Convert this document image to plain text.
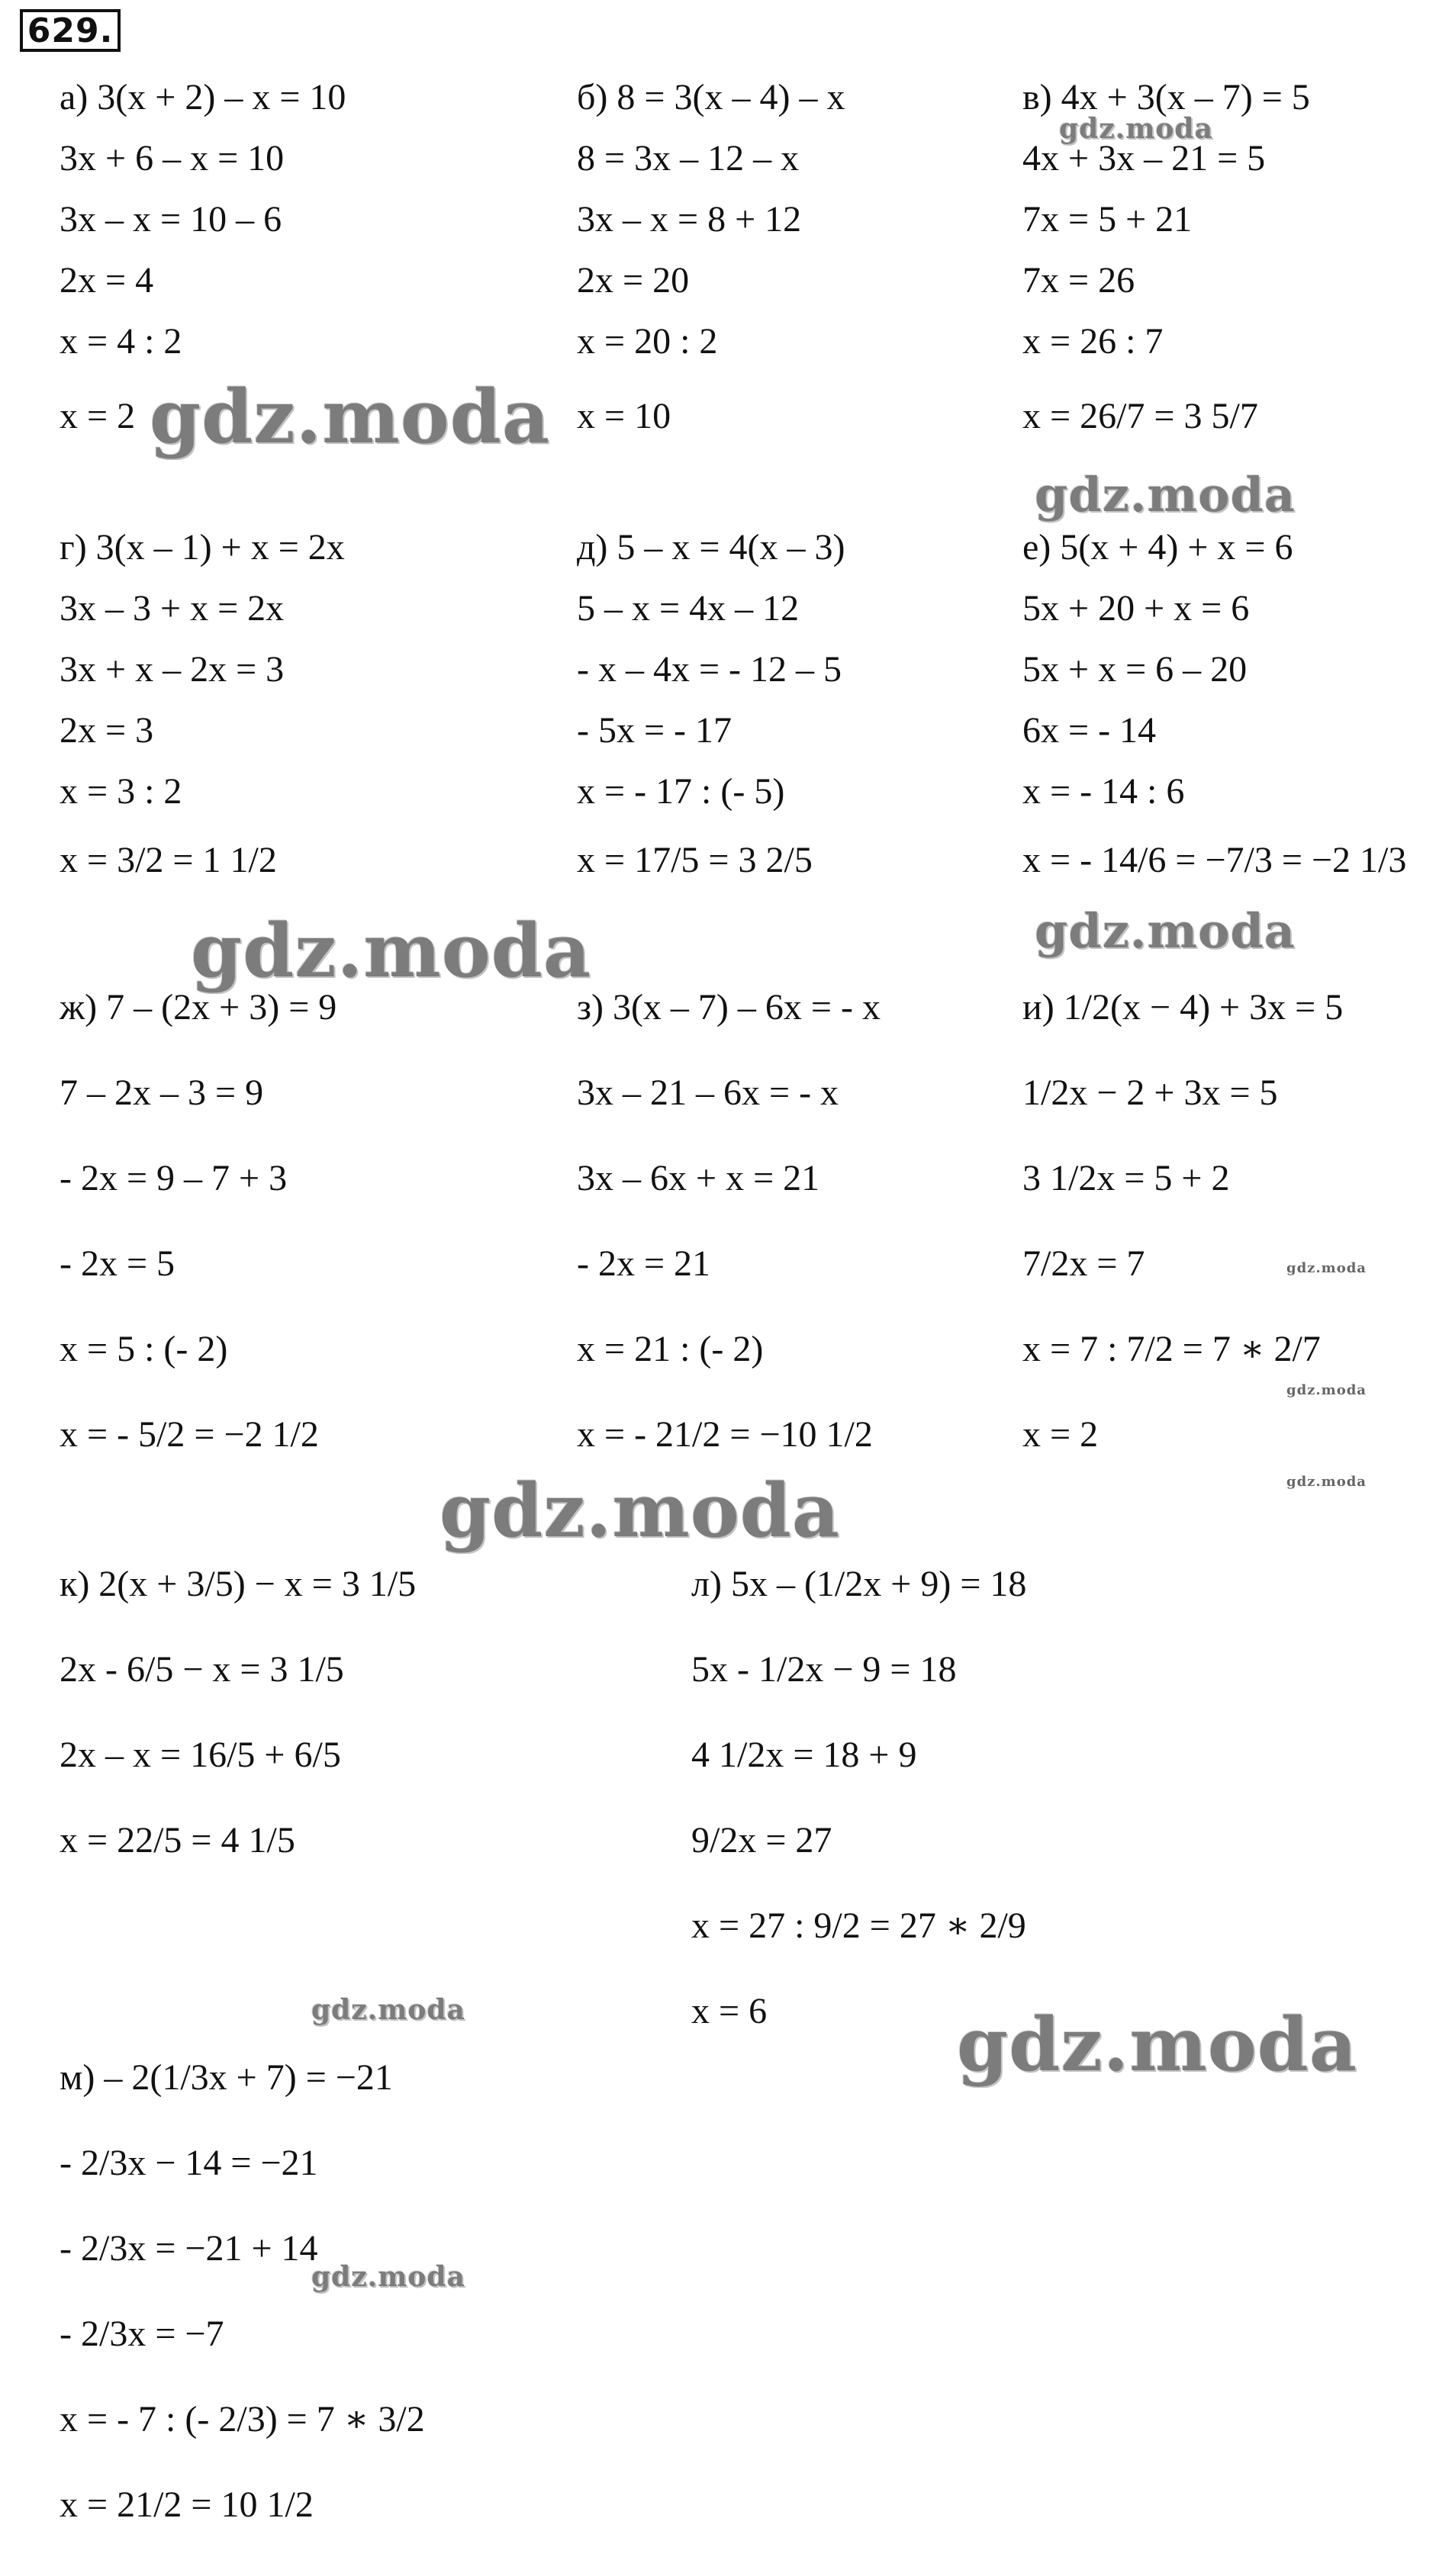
629.
а) 3(x + 2) – x = 10
3x + 6 – x = 10
3x – x = 10 – 6
2x = 4
x = 4 : 2
x = 2
б) 8 = 3(x – 4) – x
8 = 3x – 12 – x
3x – x = 8 + 12
2x = 20
x = 20 : 2
x = 10
в) 4x + 3(x – 7) = 5
4x + 3x – 21 = 5
7x = 5 + 21
7x = 26
x = 26 : 7
x = 26/7 = 3 5/7
г) 3(x – 1) + x = 2x
3x – 3 + x = 2x
3x + x – 2x = 3
2x = 3
x = 3 : 2
x = 3/2 = 1 1/2
д) 5 – x = 4(x – 3)
5 – x = 4x – 12
- x – 4x = - 12 – 5
- 5x = - 17
x = - 17 : (- 5)
x = 17/5 = 3 2/5
е) 5(x + 4) + x = 6
5x + 20 + x = 6
5x + x = 6 – 20
6x = - 14
x = - 14 : 6
x = - 14/6 = −7/3 = −2 1/3
ж) 7 – (2x + 3) = 9
7 – 2x – 3 = 9
- 2x = 9 – 7 + 3
- 2x = 5
x = 5 : (- 2)
x = - 5/2 = −2 1/2
з) 3(x – 7) – 6x = - x
3x – 21 – 6x = - x
3x – 6x + x = 21
- 2x = 21
x = 21 : (- 2)
x = - 21/2 = −10 1/2
и) 1/2(x − 4) + 3x = 5
1/2x − 2 + 3x = 5
3 1/2x = 5 + 2
7/2x = 7
x = 7 : 7/2 = 7 ∗ 2/7
x = 2
к) 2(x + 3/5) − x = 3 1/5
2x - 6/5 − x = 3 1/5
2x – x = 16/5 + 6/5
x = 22/5 = 4 1/5
л) 5x – (1/2x + 9) = 18
5x - 1/2x − 9 = 18
4 1/2x = 18 + 9
9/2x = 27
x = 27 : 9/2 = 27 ∗ 2/9
x = 6
м) – 2(1/3x + 7) = −21
- 2/3x − 14 = −21
- 2/3x = −21 + 14
- 2/3x = −7
x = - 7 : (- 2/3) = 7 ∗ 3/2
x = 21/2 = 10 1/2
gdz.moda
gdz.moda
gdz.moda
gdz.moda	gdz.moda
gdz.moda
gdz.moda
gdz.moda
gdz.moda
gdz.moda
gdz.moda
gdz.moda
